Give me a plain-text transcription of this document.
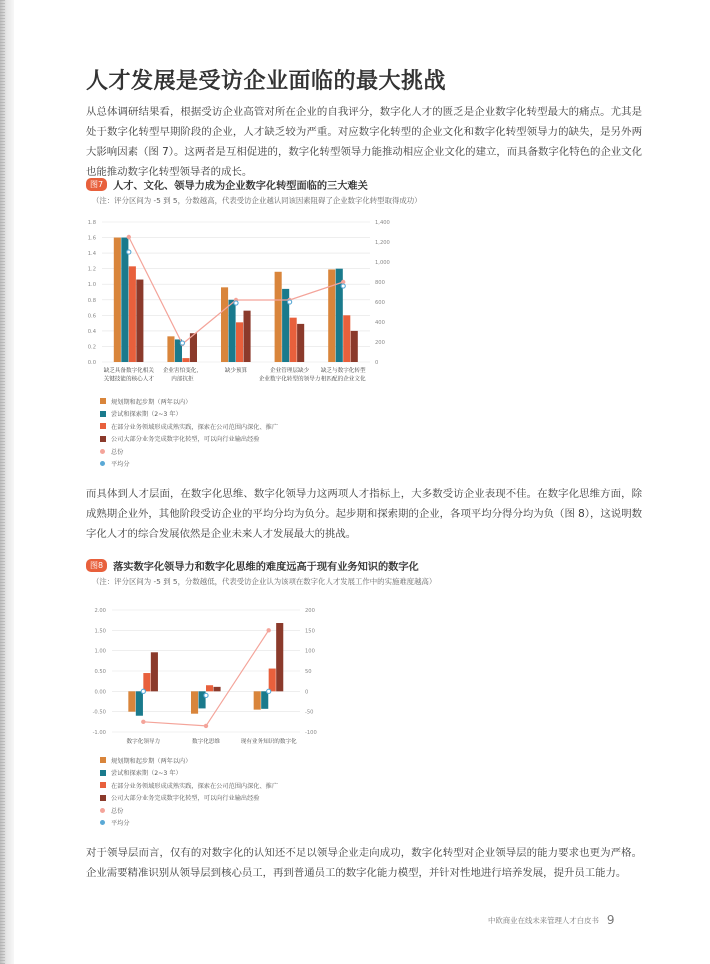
人才发展是受访企业面临的最大挑战

从总体调研结果看，根据受访企业高管对所在企业的自我评分，数字化人才的匮乏是企业数字化转型最大的痛点。尤其是处于数字化转型早期阶段的企业，人才缺乏较为严重。对应数字化转型的企业文化和数字化转型领导力的缺失，是另外两大影响因素（图 7）。这两者是互相促进的，数字化转型领导力能推动相应企业文化的建立，而具备数字化特色的企业文化也能推动数字化转型领导者的成长。

图7 人才、文化、领导力成为企业数字化转型面临的三大难关
（注：评分区间为 -5 到 5，分数越高，代表受访企业越认同该因素阻碍了企业数字化转型取得成功）
0.0
0.2
0.4
0.6
0.8
1.0
1.2
1.4
1.6
1.8
0
200
400
600
800
1,000
1,200
1,400
缺乏具备数字化相关
关键技能的核心人才
企业害怕变化，
内部抗拒
缺少预算	企业管理层缺少
企业数字化转型的领导力
缺乏与数字化转型
相匹配的企业文化
规划期和起步期（两年以内）
尝试和探索期（2~3 年）
在部分业务领域形成成熟实践，探索在公司范围内深化、推广
公司大部分业务完成数字化转型，可以向行业输出经验
总份
平均分

而具体到人才层面，在数字化思维、数字化领导力这两项人才指标上，大多数受访企业表现不佳。在数字化思维方面，除成熟期企业外，其他阶段受访企业的平均分均为负分。起步期和探索期的企业，各项平均分得分均为负（图 8），这说明数字化人才的综合发展依然是企业未来人才发展最大的挑战。

图8 落实数字化领导力和数字化思维的难度远高于现有业务知识的数字化
（注：评分区间为 -5 到 5，分数越低，代表受访企业认为该项在数字化人才发展工作中的实施难度越高）
-1.00
-0.50
0.00
0.50
1.00
1.50
2.00
-100
-50
0
50
100
150
200
数字化领导力	数字化思维	现有业务知识的数字化
规划期和起步期（两年以内）
尝试和探索期（2~3 年）
在部分业务领域形成成熟实践，探索在公司范围内深化、推广
公司大部分业务完成数字化转型，可以向行业输出经验
总份
平均分

对于领导层而言，仅有的对数字化的认知还不足以领导企业走向成功，数字化转型对企业领导层的能力要求也更为严格。企业需要精准识别从领导层到核心员工，再到普通员工的数字化能力模型，并针对性地进行培养发展，提升员工能力。

中欧商业在线未来管理人才白皮书 9
